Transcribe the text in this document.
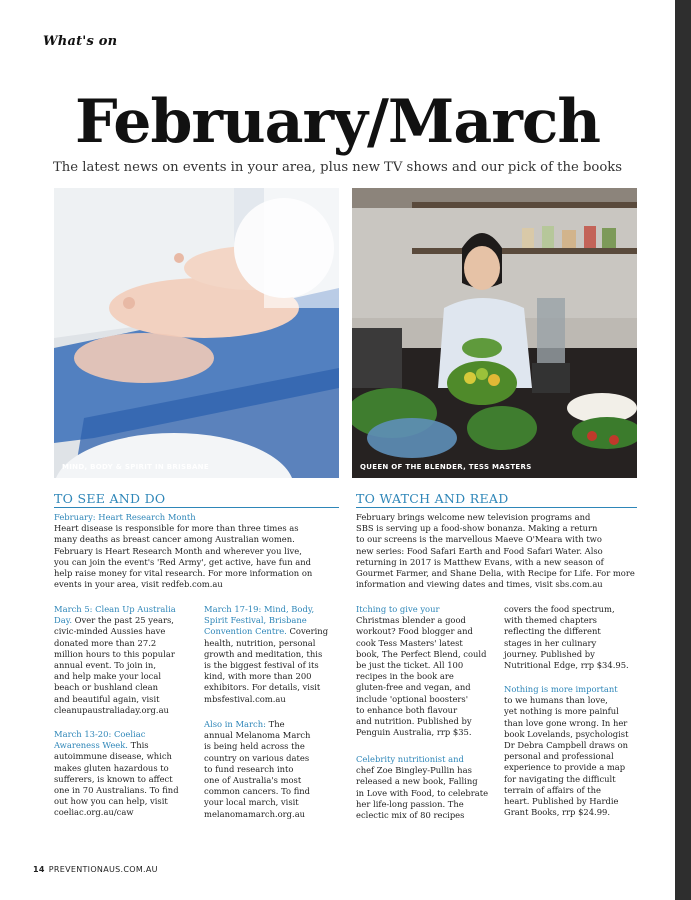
What's on
February/March
The latest news on events in your area, plus new TV shows and our pick of the books
MIND, BODY & SPIRIT IN BRISBANE	QUEEN OF THE BLENDER, TESS MASTERS
TO SEE AND DO

February: Heart Research Month

Heart disease is responsible for more than three times as

many deaths as breast cancer among Australian women.

February is Heart Research Month and wherever you live,

you can join the event's 'Red Army', get active, have fun and

help raise money for vital research. For more information on

events in your area, visit redfeb.com.au

March 5: Clean Up Australia

Day. Over the past 25 years,

civic-minded Aussies have

donated more than 27.2

million hours to this popular

annual event. To join in,

and help make your local

beach or bushland clean

and beautiful again, visit

cleanupaustraliaday.org.au

March 13-20: Coeliac

Awareness Week. This

autoimmune disease, which

makes gluten hazardous to

sufferers, is known to affect

one in 70 Australians. To find

out how you can help, visit

coeliac.org.au/caw

March 17-19: Mind, Body,

Spirit Festival, Brisbane

Convention Centre. Covering

health, nutrition, personal

growth and meditation, this

is the biggest festival of its

kind, with more than 200

exhibitors. For details, visit

mbsfestival.com.au

Also in March: The

annual Melanoma March

is being held across the

country on various dates

to fund research into

one of Australia's most

common cancers. To find

your local march, visit

melanomamarch.org.au

TO WATCH AND READ

February brings welcome new television programs and

SBS is serving up a food-show bonanza. Making a return

to our screens is the marvellous Maeve O'Meara with two

new series: Food Safari Earth and Food Safari Water. Also

returning in 2017 is Matthew Evans, with a new season of

Gourmet Farmer, and Shane Delia, with Recipe for Life. For more

information and viewing dates and times, visit sbs.com.au

Itching to give your

Christmas blender a good

workout? Food blogger and

cook Tess Masters' latest

book, The Perfect Blend, could

be just the ticket. All 100

recipes in the book are

gluten-free and vegan, and

include 'optional boosters'

to enhance both flavour

and nutrition. Published by

Penguin Australia, rrp $35.

Celebrity nutritionist and

chef Zoe Bingley-Pullin has

released a new book, Falling

in Love with Food, to celebrate

her life-long passion. The

eclectic mix of 80 recipes

covers the food spectrum,

with themed chapters

reflecting the different

stages in her culinary

journey. Published by

Nutritional Edge, rrp $34.95.

Nothing is more important

to we humans than love,

yet nothing is more painful

than love gone wrong. In her

book Lovelands, psychologist

Dr Debra Campbell draws on

personal and professional

experience to provide a map

for navigating the difficult

terrain of affairs of the

heart. Published by Hardie

Grant Books, rrp $24.99.

14 PREVENTIONAUS.COM.AU
